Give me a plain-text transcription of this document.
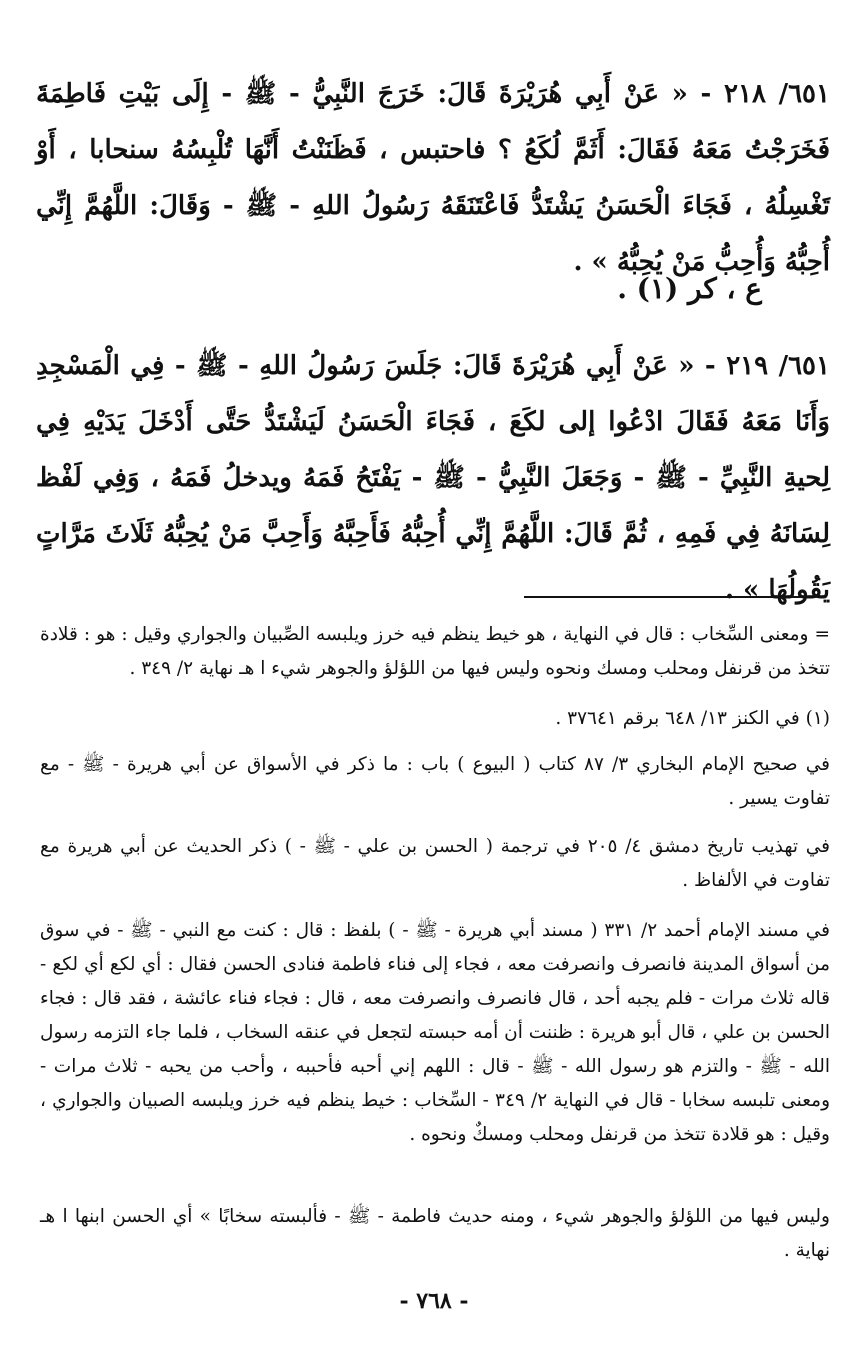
٦٥١/ ٢١٨ - « عَنْ أَبِي هُرَيْرَةَ قَالَ: خَرَجَ النَّبِيُّ - ﷺ - إِلَى بَيْتِ فَاطِمَةَ فَخَرَجْتُ مَعَهُ فَقَالَ: أَثَمَّ لُكَعُ ؟ فاحتبس ، فَظَنَنْتُ أَنَّهَا تُلْبِسُهُ سنحابا ، أَوْ تَغْسِلُهُ ، فَجَاءَ الْحَسَنُ يَشْتَدُّ فَاعْتَنَقَهُ رَسُولُ اللهِ - ﷺ - وَقَالَ: اللَّهُمَّ إِنِّي أُحِبُّهُ وَأُحِبُّ مَنْ يُحِبُّهُ » .
ع ، كر (١) .
٦٥١/ ٢١٩ - « عَنْ أَبِي هُرَيْرَةَ قَالَ: جَلَسَ رَسُولُ اللهِ - ﷺ - فِي الْمَسْجِدِ وَأَنَا مَعَهُ فَقَالَ ادْعُوا إلى لكَعَ ، فَجَاءَ الْحَسَنُ لَيَشْتَدُّ حَتَّى أَدْخَلَ يَدَيْهِ فِي لِحيةِ النَّبِيِّ - ﷺ - وَجَعَلَ النَّبِيُّ - ﷺ - يَفْتَحُ فَمَهُ ويدخلُ فَمَهُ ، وَفِي لَفْظ لِسَانَهُ فِي فَمِهِ ، ثُمَّ قَالَ: اللَّهُمَّ إِنِّي أُحِبُّهُ فَأَحِبَّهُ وَأَحِبَّ مَنْ يُحِبُّهُ ثَلَاثَ مَرَّاتٍ يَقُولُهَا » .
= ومعنى السِّخاب : قال في النهاية ، هو خيط ينظم فيه خرز ويلبسه الصِّبيان والجواري وقيل : هو : قلادة تتخذ من قرنفل ومحلب ومسك ونحوه وليس فيها من اللؤلؤ والجوهر شيء ا هـ نهاية ٢/ ٣٤٩ .
(١) في الكنز ١٣/ ٦٤٨ برقم ٣٧٦٤١ .
في صحيح الإمام البخاري ٣/ ٨٧ كتاب ( البيوع ) باب : ما ذكر في الأسواق عن أبي هريرة - ﷺ - مع تفاوت يسير .
في تهذيب تاريخ دمشق ٤/ ٢٠٥ في ترجمة ( الحسن بن علي - ﷺ - ) ذكر الحديث عن أبي هريرة مع تفاوت في الألفاظ .
في مسند الإمام أحمد ٢/ ٣٣١ ( مسند أبي هريرة - ﷺ - ) بلفظ : قال : كنت مع النبي - ﷺ - في سوق من أسواق المدينة فانصرف وانصرفت معه ، فجاء إلى فناء فاطمة فنادى الحسن فقال : أي لكع أي لكع - قاله ثلاث مرات - فلم يجبه أحد ، قال فانصرف وانصرفت معه ، قال : فجاء فناء عائشة ، فقد قال : فجاء الحسن بن علي ، قال أبو هريرة : ظننت أن أمه حبسته لتجعل في عنقه السخاب ، فلما جاء التزمه رسول الله - ﷺ - والتزم هو رسول الله - ﷺ - قال : اللهم إني أحبه فأحببه ، وأحب من يحبه - ثلاث مرات - ومعنى تلبسه سخابا - قال في النهاية ٢/ ٣٤٩ - السِّخاب : خيط ينظم فيه خرز ويلبسه الصبيان والجواري ، وقيل : هو قلادة تتخذ من قرنفل ومحلب ومسكٌ ونحوه .
وليس فيها من اللؤلؤ والجوهر شيء ، ومنه حديث فاطمة - ﷺ - فألبسته سخابًا » أي الحسن ابنها ا هـ نهاية .
- ٧٦٨ -
